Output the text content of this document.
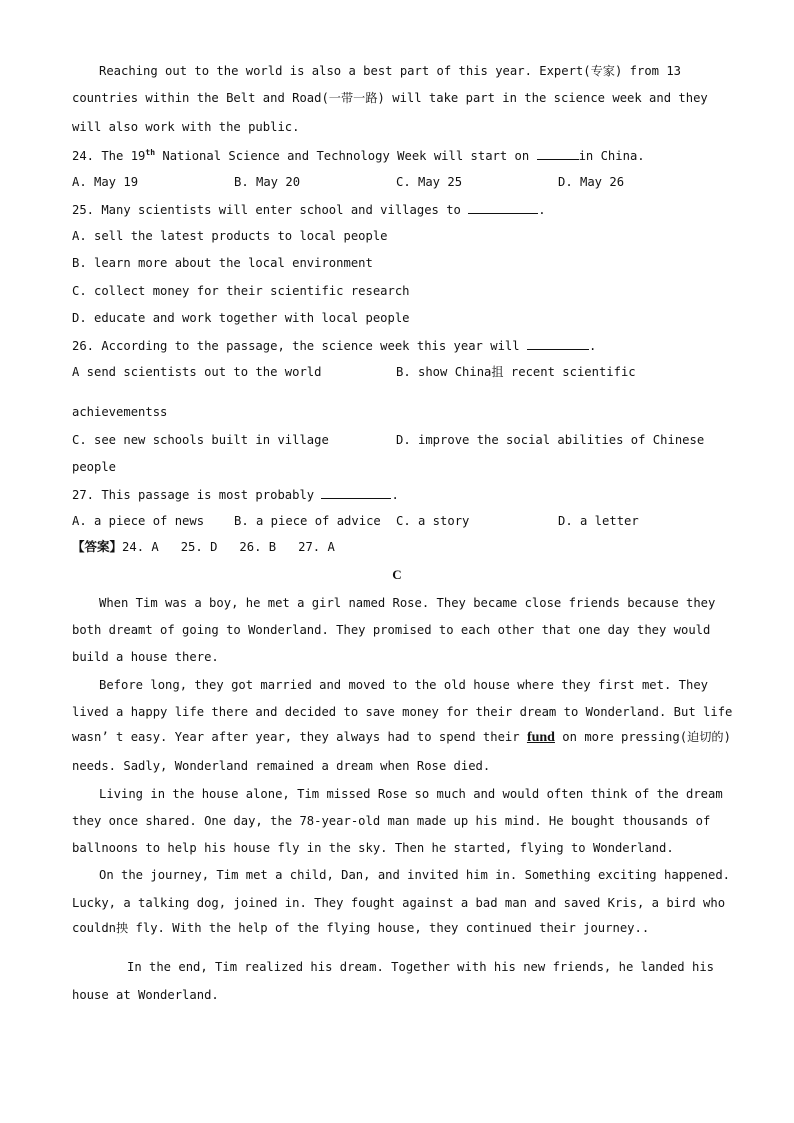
Reaching out to the world is also a best part of this year. Expert(专家) from 13
countries within the Belt and Road(一带一路) will take part in the science week and they
will also work with the public.
24. The 19th National Science and Technology Week will start on	in China.
A. May 19	B. May 20	C. May 25	D. May 26
25. Many scientists will enter school and villages to	.
A. sell the latest products to local people
B. learn more about the local environment
C. collect money for their scientific research
D. educate and work together with local people
26. According to the passage, the science week this year will	.
A send scientists out to the world	B. show China抯 recent scientific
achievementss
C. see new schools built in village	D. improve the social abilities of Chinese
people
27. This passage is most probably	.
A. a piece of news B. a piece of advice C. a story	D. a letter
【答案】24. A   25. D   26. B   27. A
C
When Tim was a boy, he met a girl named Rose. They became close friends because they
both dreamt of going to Wonderland. They promised to each other that one day they would
build a house there.
Before long, they got married and moved to the old house where they first met. They
lived a happy life there and decided to save money for their dream to Wonderland. But life
wasn’ t easy. Year after year, they always had to spend their fund on more pressing(迫切的)
needs. Sadly, Wonderland remained a dream when Rose died.
Living in the house alone, Tim missed Rose so much and would often think of the dream
they once shared. One day, the 78-year-old man made up his mind. He bought thousands of
ballnoons to help his house fly in the sky. Then he started, flying to Wonderland.
On the journey, Tim met a child, Dan, and invited him in. Something exciting happened.
Lucky, a talking dog, joined in. They fought against a bad man and saved Kris, a bird who
couldn抰 fly. With the help of the flying house, they continued their journey..
In the end, Tim realized his dream. Together with his new friends, he landed his
house at Wonderland.
